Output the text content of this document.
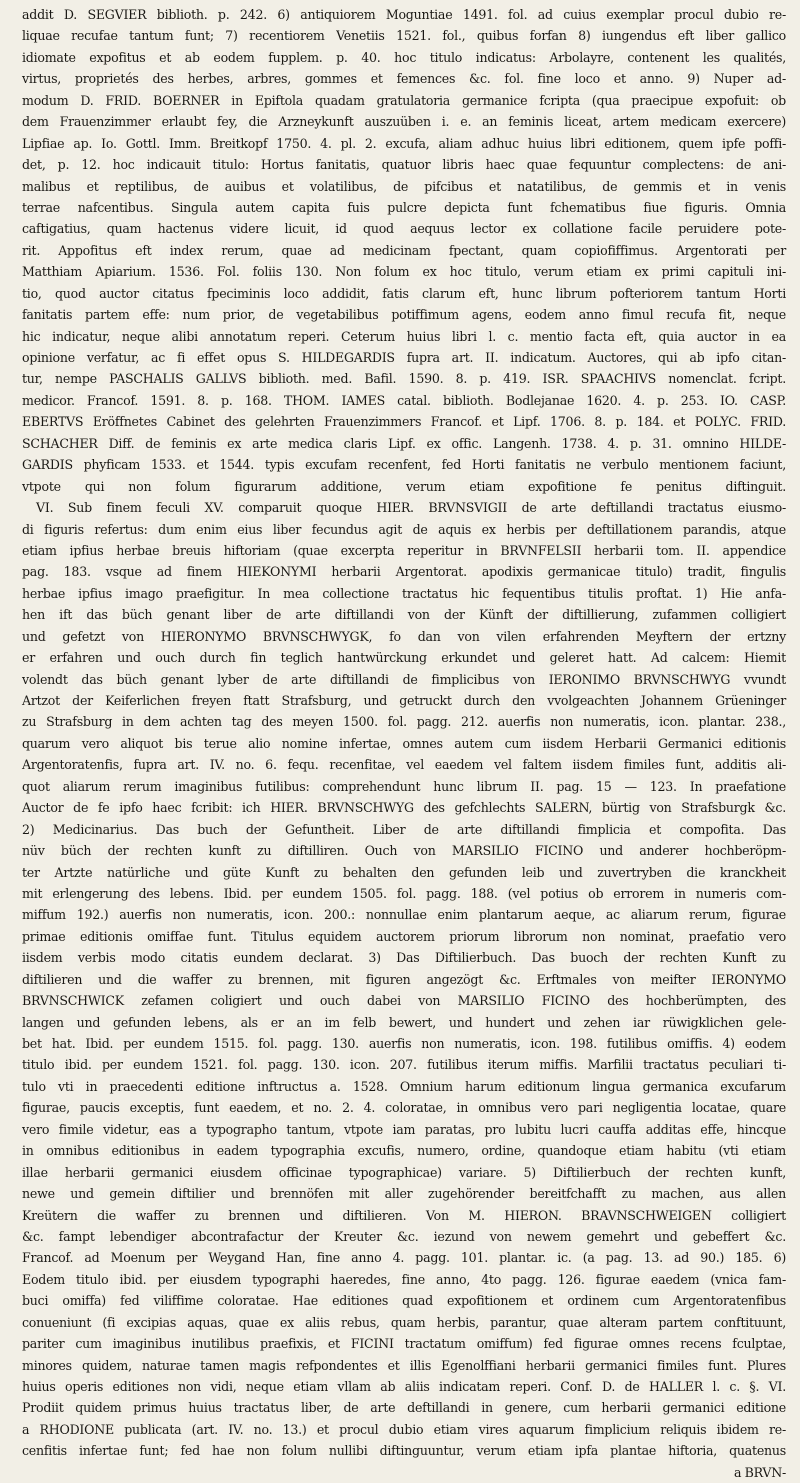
addit D. SEGVIER biblioth. p. 242. 6) antiquiorem Moguntiae 1491. fol. ad cuius exemplar procul dubio re-
liquae recufae tantum funt; 7) recentiorem Venetiis 1521. fol., quibus forfan 8) iungendus eft liber gallico
idiomate expofitus et ab eodem fupplem. p. 40. hoc titulo indicatus: Arbolayre, contenent les qualités,
virtus, proprietés des herbes, arbres, gommes et femences &c. fol. fine loco et anno. 9) Nuper ad-
modum D. FRID. BOERNER in Epiftola quadam gratulatoria germanice fcripta (qua praecipue expofuit: ob
dem Frauenzimmer erlaubt fey, die Arzneykunft auszuüben i. e. an feminis liceat, artem medicam exercere)
Lipfiae ap. Io. Gottl. Imm. Breitkopf 1750. 4. pl. 2. excufa, aliam adhuc huius libri editionem, quem ipfe poffi-
det, p. 12. hoc indicauit titulo: Hortus fanitatis, quatuor libris haec quae fequuntur complectens: de ani-
malibus et reptilibus, de auibus et volatilibus, de pifcibus et natatilibus, de gemmis et in venis
terrae nafcentibus. Singula autem capita fuis pulcre depicta funt fchematibus fiue figuris. Omnia
caftigatius, quam hactenus videre licuit, id quod aequus lector ex collatione facile peruidere pote-
rit. Appofitus eft index rerum, quae ad medicinam fpectant, quam copiofiffimus. Argentorati per
Matthiam Apiarium. 1536. Fol. foliis 130. Non folum ex hoc titulo, verum etiam ex primi capituli ini-
tio, quod auctor citatus fpeciminis loco addidit, fatis clarum eft, hunc librum pofteriorem tantum Horti
fanitatis partem effe: num prior, de vegetabilibus potiffimum agens, eodem anno fimul recufa fit, neque
hic indicatur, neque alibi annotatum reperi. Ceterum huius libri l. c. mentio facta eft, quia auctor in ea
opinione verfatur, ac fi effet opus S. HILDEGARDIS fupra art. II. indicatum. Auctores, qui ab ipfo citan-
tur, nempe PASCHALIS GALLVS biblioth. med. Bafil. 1590. 8. p. 419. ISR. SPAACHIVS nomenclat. fcript.
medicor. Francof. 1591. 8. p. 168. THOM. IAMES catal. biblioth. Bodlejanae 1620. 4. p. 253. IO. CASP.
EBERTVS Eröffnetes Cabinet des gelehrten Frauenzimmers Francof. et Lipf. 1706. 8. p. 184. et POLYC. FRID.
SCHACHER Diff. de feminis ex arte medica claris Lipf. ex offic. Langenh. 1738. 4. p. 31. omnino HILDE-
GARDIS phyficam 1533. et 1544. typis excufam recenfent, fed Horti fanitatis ne verbulo mentionem faciunt,
vtpote qui non folum figurarum additione, verum etiam expofitione fe penitus diftinguit.
VI. Sub finem feculi XV. comparuit quoque HIER. BRVNSVIGII de arte deftillandi tractatus eiusmo-
di figuris refertus: dum enim eius liber fecundus agit de aquis ex herbis per deftillationem parandis, atque
etiam ipfius herbae breuis hiftoriam (quae excerpta reperitur in BRVNFELSII herbarii tom. II. appendice
pag. 183. vsque ad finem HIEKONYMI herbarii Argentorat. apodixis germanicae titulo) tradit, fingulis
herbae ipfius imago praefigitur. In mea collectione tractatus hic fequentibus titulis proftat. 1) Hie anfa-
hen ift das büch genant liber de arte diftillandi von der Künft der diftillierung, zufammen colligiert
und gefetzt von HIERONYMO BRVNSCHWYGK, fo dan von vilen erfahrenden Meyftern der ertzny
er erfahren und ouch durch fin teglich hantwürckung erkundet und geleret hatt. Ad calcem: Hiemit
volendt das büch genant lyber de arte diftillandi de fimplicibus von IERONIMO BRVNSCHWYG vvundt
Artzot der Keiferlichen freyen ftatt Strafsburg, und getruckt durch den vvolgeachten Johannem Grüeninger
zu Strafsburg in dem achten tag des meyen 1500. fol. pagg. 212. auerfis non numeratis, icon. plantar. 238.,
quarum vero aliquot bis terue alio nomine infertae, omnes autem cum iisdem Herbarii Germanici editionis
Argentoratenfis, fupra art. IV. no. 6. fequ. recenfitae, vel eaedem vel faltem iisdem fimiles funt, additis ali-
quot aliarum rerum imaginibus futilibus: comprehendunt hunc librum II. pag. 15 — 123. In praefatione
Auctor de fe ipfo haec fcribit: ich HIER. BRVNSCHWYG des gefchlechts SALERN, bürtig von Strafsburgk &c.
2) Medicinarius. Das buch der Gefuntheit. Liber de arte diftillandi fimplicia et compofita. Das
nüv büch der rechten kunft zu diftilliren. Ouch von MARSILIO FICINO und anderer hochberöpm-
ter Artzte natürliche und güte Kunft zu behalten den gefunden leib und zuvertryben die kranckheit
mit erlengerung des lebens. Ibid. per eundem 1505. fol. pagg. 188. (vel potius ob errorem in numeris com-
miffum 192.) auerfis non numeratis, icon. 200.: nonnullae enim plantarum aeque, ac aliarum rerum, figurae
primae editionis omiffae funt. Titulus equidem auctorem priorum librorum non nominat, praefatio vero
iisdem verbis modo citatis eundem declarat. 3) Das Diftilierbuch. Das buoch der rechten Kunft zu
diftilieren und die waffer zu brennen, mit figuren angezögt &c. Erftmales von meifter IERONYMO
BRVNSCHWICK zefamen coligiert und ouch dabei von MARSILIO FICINO des hochberümpten, des
langen und gefunden lebens, als er an im felb bewert, und hundert und zehen iar rüwigklichen gele-
bet hat. Ibid. per eundem 1515. fol. pagg. 130. auerfis non numeratis, icon. 198. futilibus omiffis. 4) eodem
titulo ibid. per eundem 1521. fol. pagg. 130. icon. 207. futilibus iterum miffis. Marfilii tractatus peculiari ti-
tulo vti in praecedenti editione inftructus a. 1528. Omnium harum editionum lingua germanica excufarum
figurae, paucis exceptis, funt eaedem, et no. 2. 4. coloratae, in omnibus vero pari negligentia locatae, quare
vero fimile videtur, eas a typographo tantum, vtpote iam paratas, pro lubitu lucri cauffa additas effe, hincque
in omnibus editionibus in eadem typographia excufis, numero, ordine, quandoque etiam habitu (vti etiam
illae herbarii germanici eiusdem officinae typographicae) variare. 5) Diftilierbuch der rechten kunft,
newe und gemein diftilier und brennöfen mit aller zugehörender bereitfchafft zu machen, aus allen
Kreütern die waffer zu brennen und diftilieren. Von M. HIERON. BRAVNSCHWEIGEN colligiert
&c. fampt lebendiger abcontrafactur der Kreuter &c. iezund von newem gemehrt und gebeffert &c.
Francof. ad Moenum per Weygand Han, fine anno 4. pagg. 101. plantar. ic. (a pag. 13. ad 90.) 185. 6)
Eodem titulo ibid. per eiusdem typographi haeredes, fine anno, 4to pagg. 126. figurae eaedem (vnica fam-
buci omiffa) fed viliffime coloratae. Hae editiones quad expofitionem et ordinem cum Argentoratenfibus
conueniunt (fi excipias aquas, quae ex aliis rebus, quam herbis, parantur, quae alteram partem conftituunt,
pariter cum imaginibus inutilibus praefixis, et FICINI tractatum omiffum) fed figurae omnes recens fculptae,
minores quidem, naturae tamen magis refpondentes et illis Egenolffiani herbarii germanici fimiles funt. Plures
huius operis editiones non vidi, neque etiam vllam ab aliis indicatam reperi. Conf. D. de HALLER l. c. §. VI.
Prodiit quidem primus huius tractatus liber, de arte deftillandi in genere, cum herbarii germanici editione
a RHODIONE publicata (art. IV. no. 13.) et procul dubio etiam vires aquarum fimplicium reliquis ibidem re-
cenfitis infertae funt; fed hae non folum nullibi diftinguuntur, verum etiam ipfa plantae hiftoria, quatenus
a BRVN-
